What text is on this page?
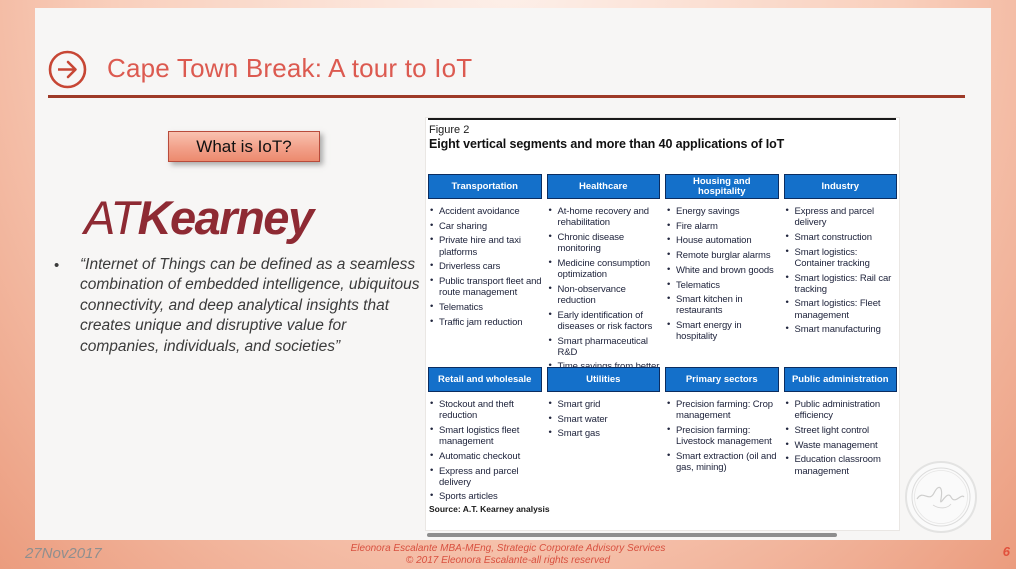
Cape Town Break: A tour to IoT
What is IoT?
ATKearney
•	“Internet of Things can be defined as a seamless combination of embedded intelligence, ubiquitous connectivity, and deep analytical insights that creates unique and disruptive value for companies, individuals, and societies”
Figure 2
Eight vertical segments and more than 40 applications of IoT
Transportation
• Accident avoidance
• Car sharing
• Private hire and taxi platforms
• Driverless cars
• Public transport fleet and route management
• Telematics
• Traffic jam reduction
Healthcare
• At-home recovery and rehabilitation
• Chronic disease monitoring
• Medicine consumption optimization
• Non-observance reduction
• Early identification of diseases or risk factors
• Smart pharmaceutical R&D
•
Housing and hospitality
• Energy savings
• Fire alarm
• House automation
• Remote burglar alarms
• White and brown goods
• Telematics
• Smart kitchen in restaurants
• Smart energy in hospitality
Industry
• Express and parcel delivery
• Smart construction
• Smart logistics: Container tracking
• Smart logistics: Rail car tracking
• Smart logistics: Fleet management
• Smart manufacturing
Retail and wholesale
• Stockout and theft reduction
• Smart logistics fleet management
• Automatic checkout
• Express and parcel delivery
• Sports articles
Utilities
• Smart grid
• Smart water
• Smart gas
Primary sectors
• Precision farming: Crop management
• Precision farming: Livestock management
• Smart extraction (oil and gas, mining)
Public administration
• Public administration efficiency
• Street light control
• Waste management
• Education classroom management
Source: A.T. Kearney analysis
27Nov2017	Eleonora Escalante MBA-MEng, Strategic Corporate Advisory Services
© 2017 Eleonora Escalante-all rights reserved
6
